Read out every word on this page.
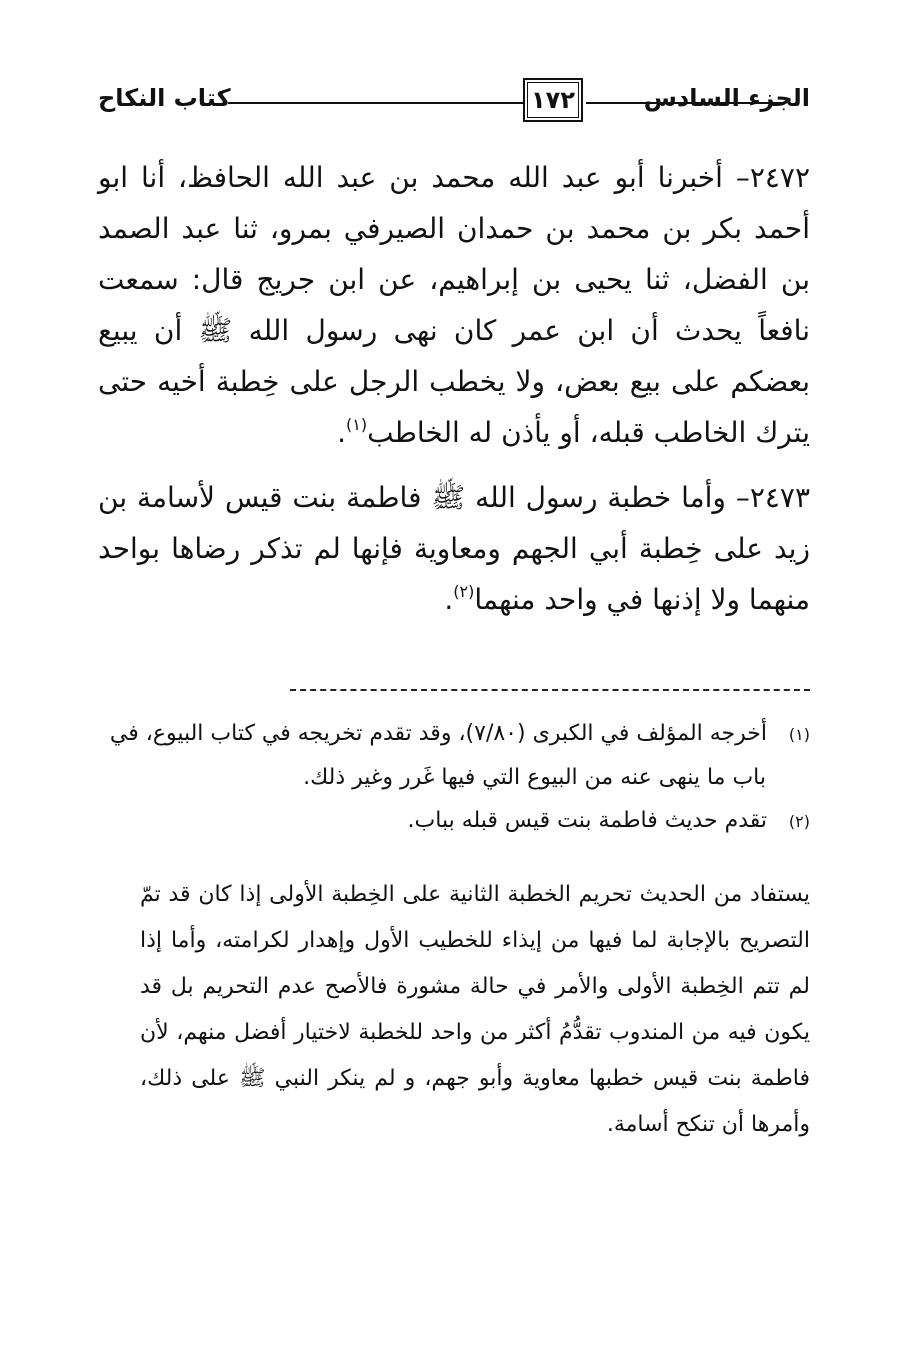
كتاب النكاح	١٧٢	الجزء السادس

٢٤٧٢– أخبرنا أبو عبد الله محمد بن عبد الله الحافظ، أنا ابو أحمد بكر بن محمد بن حمدان الصيرفي بمرو، ثنا عبد الصمد بن الفضل، ثنا يحيى بن إبراهيم، عن ابن جريج قال: سمعت نافعاً يحدث أن ابن عمر كان نهى رسول الله ﷺ أن يبيع بعضكم على بيع بعض، ولا يخطب الرجل على خِطبة أخيه حتى يترك الخاطب قبله، أو يأذن له الخاطب$^{(١)}$.

٢٤٧٣– وأما خطبة رسول الله ﷺ فاطمة بنت قيس لأسامة بن زيد على خِطبة أبي الجهم ومعاوية فإنها لم تذكر رضاها بواحد منهما ولا إذنها في واحد منهما$^{(٢)}$.

(١) أخرجه المؤلف في الكبرى (٧/٨٠)، وقد تقدم تخريجه في كتاب البيوع، في باب ما ينهى عنه من البيوع التي فيها غَرر وغير ذلك.

(٢) تقدم حديث فاطمة بنت قيس قبله بباب.

يستفاد من الحديث تحريم الخطبة الثانية على الخِطبة الأولى إذا كان قد تمّ التصريح بالإجابة لما فيها من إيذاء للخطيب الأول وإهدار لكرامته، وأما إذا لم تتم الخِطبة الأولى والأمر في حالة مشورة فالأصح عدم التحريم بل قد يكون فيه من المندوب تقدُّمُ أكثر من واحد للخطبة لاختيار أفضل منهم، لأن فاطمة بنت قيس خطبها معاوية وأبو جهم، و لم ينكر النبي ﷺ على ذلك، وأمرها أن تنكح أسامة.
